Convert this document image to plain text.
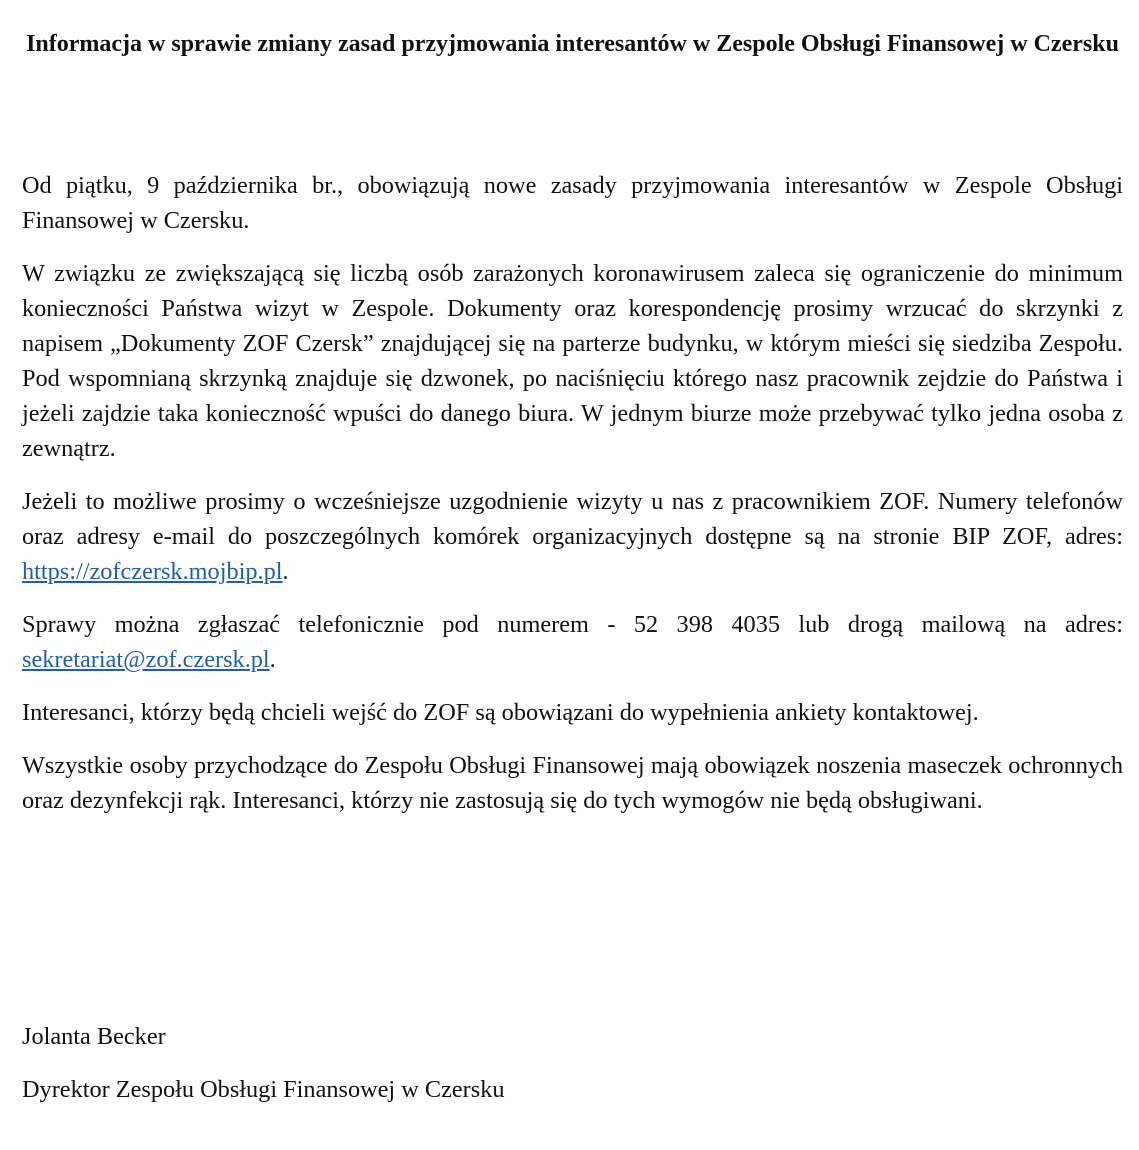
Informacja w sprawie zmiany zasad przyjmowania interesantów w Zespole Obsługi Finansowej w Czersku

Od piątku, 9 października br., obowiązują nowe zasady przyjmowania interesantów w Zespole Obsługi Finansowej w Czersku.

W związku ze zwiększającą się liczbą osób zarażonych koronawirusem zaleca się ograniczenie do minimum konieczności Państwa wizyt w Zespole. Dokumenty oraz korespondencję prosimy wrzucać do skrzynki z napisem „Dokumenty ZOF Czersk” znajdującej się na parterze budynku, w którym mieści się siedziba Zespołu. Pod wspomnianą skrzynką znajduje się dzwonek, po naciśnięciu którego nasz pracownik zejdzie do Państwa i jeżeli zajdzie taka konieczność wpuści do danego biura. W jednym biurze może przebywać tylko jedna osoba z zewnątrz.

Jeżeli to możliwe prosimy o wcześniejsze uzgodnienie wizyty u nas z pracownikiem ZOF. Numery telefonów oraz adresy e-mail do poszczególnych komórek organizacyjnych dostępne są na stronie BIP ZOF, adres: https://zofczersk.mojbip.pl.

Sprawy można zgłaszać telefonicznie pod numerem - 52 398 4035 lub drogą mailową na adres: sekretariat@zof.czersk.pl.

Interesanci, którzy będą chcieli wejść do ZOF są obowiązani do wypełnienia ankiety kontaktowej.

Wszystkie osoby przychodzące do Zespołu Obsługi Finansowej mają obowiązek noszenia maseczek ochronnych oraz dezynfekcji rąk. Interesanci, którzy nie zastosują się do tych wymogów nie będą obsługiwani.

Jolanta Becker

Dyrektor Zespołu Obsługi Finansowej w Czersku
